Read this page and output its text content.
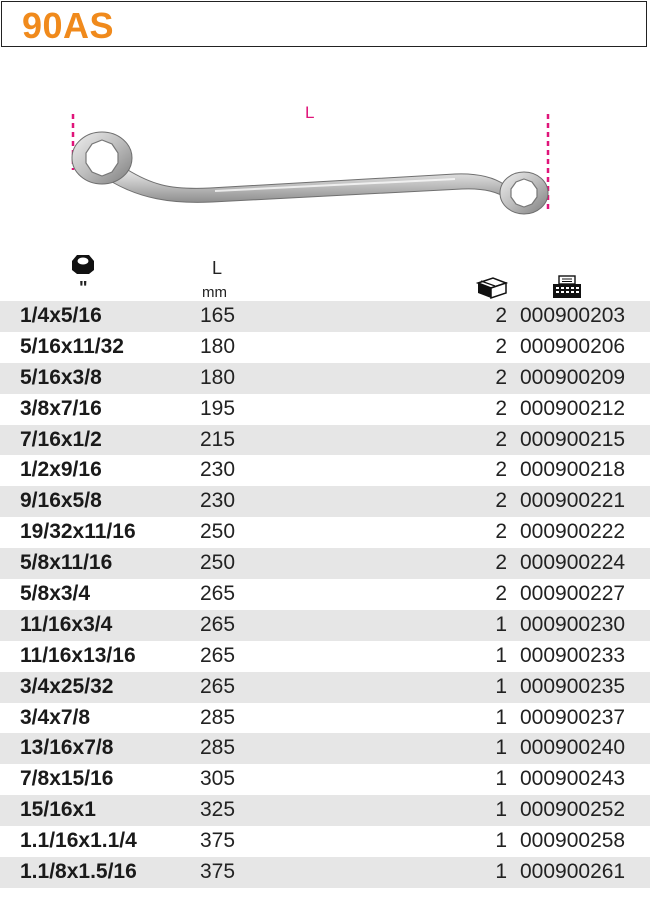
90AS
L
"
L
mm
1/4x5/16	165	2 000900203
5/16x11/32	180	2 000900206
5/16x3/8	180	2 000900209
3/8x7/16	195	2 000900212
7/16x1/2	215	2 000900215
1/2x9/16	230	2 000900218
9/16x5/8	230	2 000900221
19/32x11/16	250	2 000900222
5/8x11/16	250	2 000900224
5/8x3/4	265	2 000900227
11/16x3/4	265	1 000900230
11/16x13/16	265	1 000900233
3/4x25/32	265	1 000900235
3/4x7/8	285	1 000900237
13/16x7/8	285	1 000900240
7/8x15/16	305	1 000900243
15/16x1	325	1 000900252
1.1/16x1.1/4	375	1 000900258
1.1/8x1.5/16	375	1 000900261
